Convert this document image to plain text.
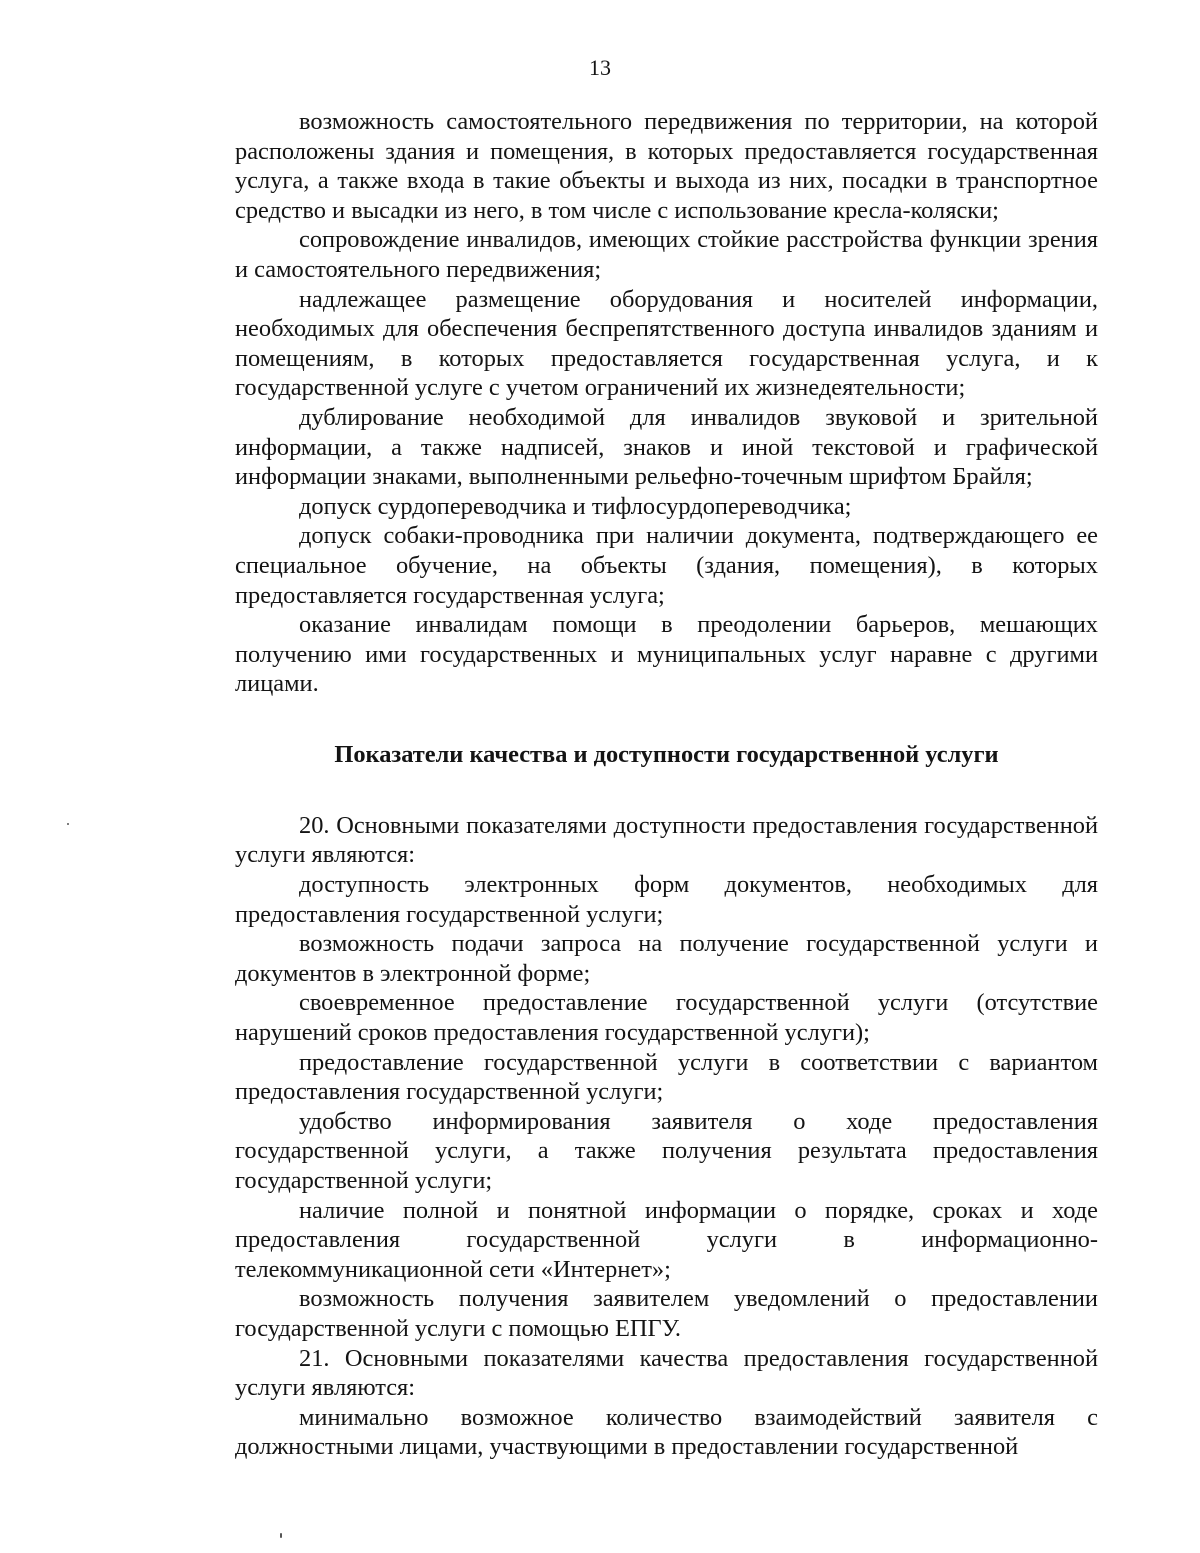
13

возможность самостоятельного передвижения по территории, на которой расположены здания и помещения, в которых предоставляется государственная услуга, а также входа в такие объекты и выхода из них, посадки в транспортное средство и высадки из него, в том числе с использование кресла-коляски;

сопровождение инвалидов, имеющих стойкие расстройства функции зрения и самостоятельного передвижения;

надлежащее размещение оборудования и носителей информации, необходимых для обеспечения беспрепятственного доступа инвалидов зданиям и помещениям, в которых предоставляется государственная услуга, и к государственной услуге с учетом ограничений их жизнедеятельности;

дублирование необходимой для инвалидов звуковой и зрительной информации, а также надписей, знаков и иной текстовой и графической информации знаками, выполненными рельефно-точечным шрифтом Брайля;

допуск сурдопереводчика и тифлосурдопереводчика;

допуск собаки-проводника при наличии документа, подтверждающего ее специальное обучение, на объекты (здания, помещения), в которых предоставляется государственная услуга;

оказание инвалидам помощи в преодолении барьеров, мешающих получению ими государственных и муниципальных услуг наравне с другими лицами.

Показатели качества и доступности государственной услуги

20. Основными показателями доступности предоставления государственной услуги являются:

доступность электронных форм документов, необходимых для предоставления государственной услуги;

возможность подачи запроса на получение государственной услуги и документов в электронной форме;

своевременное предоставление государственной услуги (отсутствие нарушений сроков предоставления государственной услуги);

предоставление государственной услуги в соответствии с вариантом предоставления государственной услуги;

удобство информирования заявителя о ходе предоставления государственной услуги, а также получения результата предоставления государственной услуги;

наличие полной и понятной информации о порядке, сроках и ходе предоставления государственной услуги в информационно-телекоммуникационной сети «Интернет»;

возможность получения заявителем уведомлений о предоставлении государственной услуги с помощью ЕПГУ.

21. Основными показателями качества предоставления государственной услуги являются:

минимально возможное количество взаимодействий заявителя с должностными лицами, участвующими в предоставлении государственной
